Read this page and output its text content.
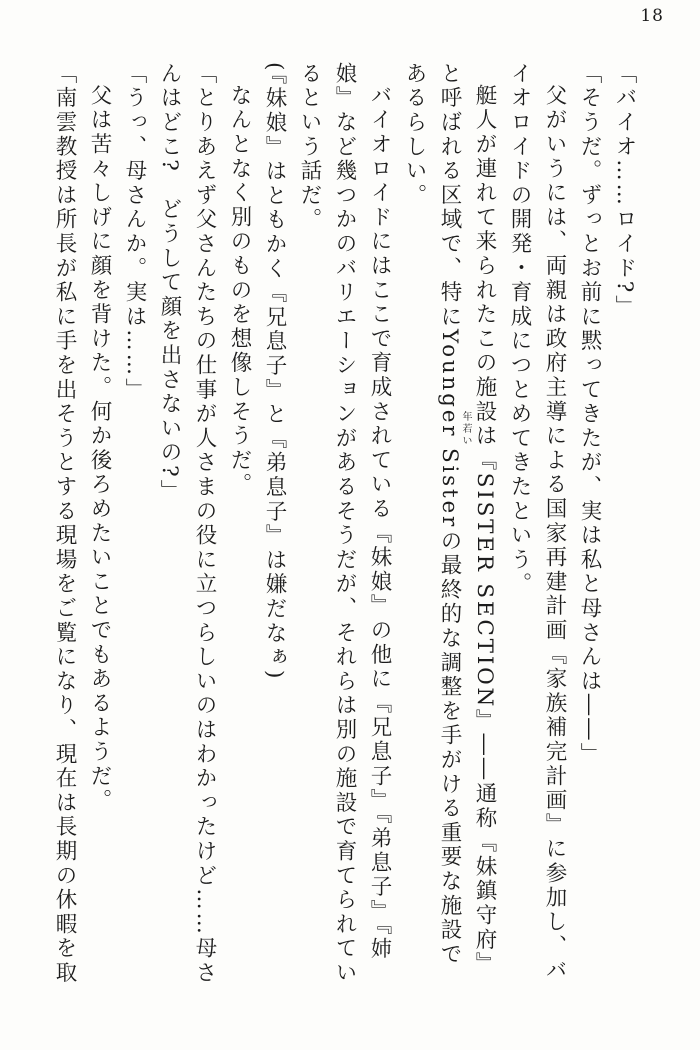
18

「バイオ……ロイド?」

「そうだ。ずっとお前に黙ってきたが、実は私と母さんは――」

父がいうには、両親は政府主導による国家再建計画『家族補完計画』に参加し、バイオロイドの開発・育成につとめてきたという。

艇人が連れて来られたこの施設は『SISTER SECTION』――通称『妹鎮守府』と呼ばれる区域で、特にYounger Sister年若いの最終的な調整を手がける重要な施設であるらしい。

バイオロイドにはここで育成されている『妹娘』の他に『兄息子』『弟息子』『姉娘』など幾つかのバリエーションがあるそうだが、それらは別の施設で育てられているという話だ。

(『妹娘』はともかく『兄息子』と『弟息子』は嫌だなぁ)

なんとなく別のものを想像しそうだ。

「とりあえず父さんたちの仕事が人さまの役に立つらしいのはわかったけど……母さんはどこ?　どうして顔を出さないの?」

「うっ、母さんか。実は……」

父は苦々しげに顔を背けた。何か後ろめたいことでもあるようだ。

「南雲教授は所長が私に手を出そうとする現場をご覧になり、現在は長期の休暇を取
